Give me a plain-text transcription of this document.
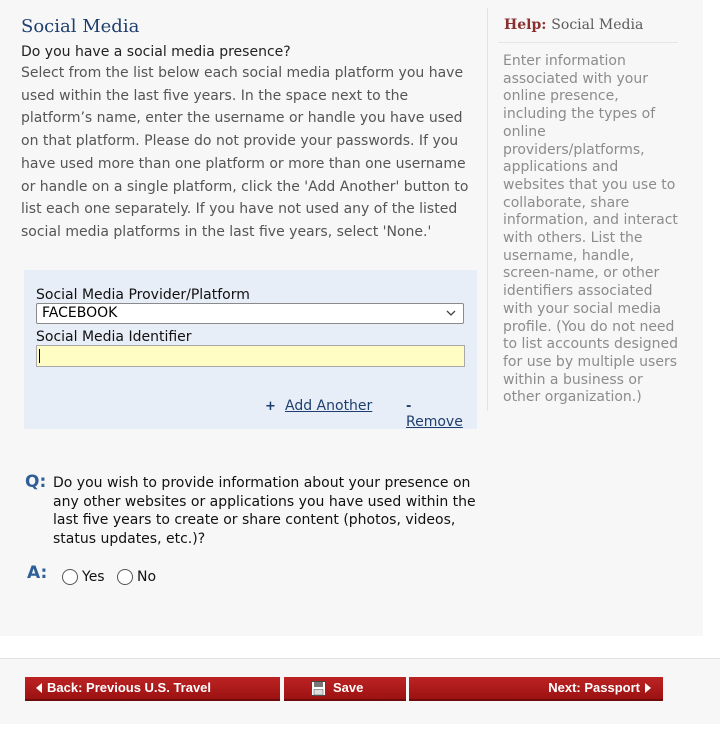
Social Media
Do you have a social media presence?
Select from the list below each social media platform you have used within the last five years. In the space next to the platform’s name, enter the username or handle you have used on that platform. Please do not provide your passwords. If you have used more than one platform or more than one username or handle on a single platform, click the 'Add Another' button to list each one separately. If you have not used any of the listed social media platforms in the last five years, select 'None.'
Social Media Provider/Platform
FACEBOOK
Social Media Identifier
+ Add Another	-Remove
Q: Do you wish to provide information about your presence on any other websites or applications you have used within the last five years to create or share content (photos, videos, status updates, etc.)?
A: Yes No
Help: Social Media
Enter information associated with your online presence, including the types of online providers/platforms, applications and websites that you use to collaborate, share information, and interact with others. List the username, handle, screen-name, or other identifiers associated with your social media profile. (You do not need to list accounts designed for use by multiple users within a business or other organization.)
Back: Previous U.S. Travel	Save	Next: Passport
